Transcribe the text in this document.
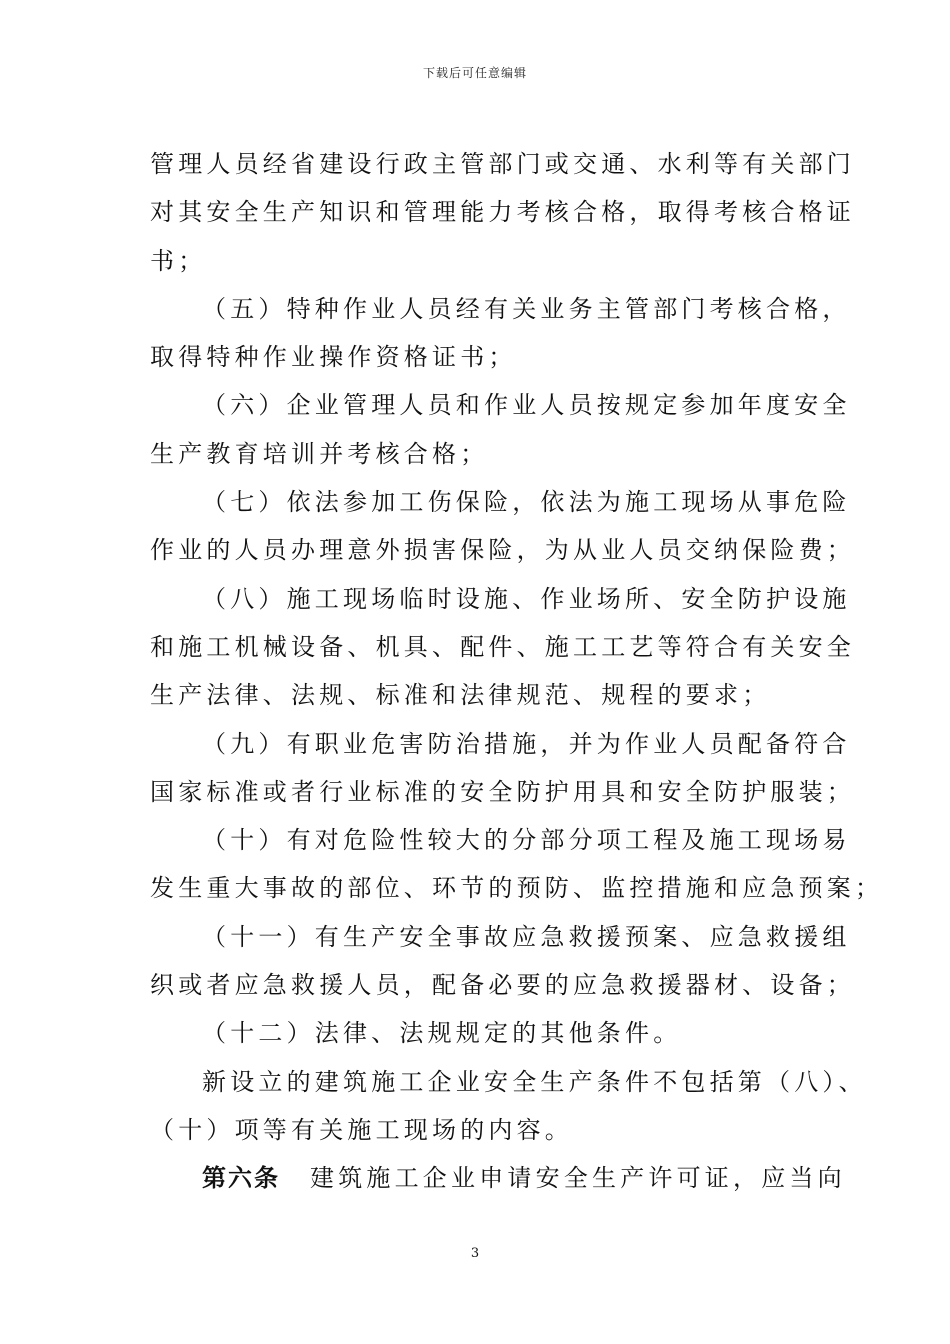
下载后可任意编辑
管理人员经省建设行政主管部门或交通、水利等有关部门
对其安全生产知识和管理能力考核合格，取得考核合格证
书；
（五）特种作业人员经有关业务主管部门考核合格，
取得特种作业操作资格证书；
（六）企业管理人员和作业人员按规定参加年度安全
生产教育培训并考核合格；
（七）依法参加工伤保险，依法为施工现场从事危险
作业的人员办理意外损害保险，为从业人员交纳保险费；
（八）施工现场临时设施、作业场所、安全防护设施
和施工机械设备、机具、配件、施工工艺等符合有关安全
生产法律、法规、标准和法律规范、规程的要求；
（九）有职业危害防治措施，并为作业人员配备符合
国家标准或者行业标准的安全防护用具和安全防护服装；
（十）有对危险性较大的分部分项工程及施工现场易
发生重大事故的部位、环节的预防、监控措施和应急预案；
（十一）有生产安全事故应急救援预案、应急救援组
织或者应急救援人员，配备必要的应急救援器材、设备；
（十二）法律、法规规定的其他条件。
新设立的建筑施工企业安全生产条件不包括第（八）、
（十）项等有关施工现场的内容。
第六条 建筑施工企业申请安全生产许可证，应当向
3
